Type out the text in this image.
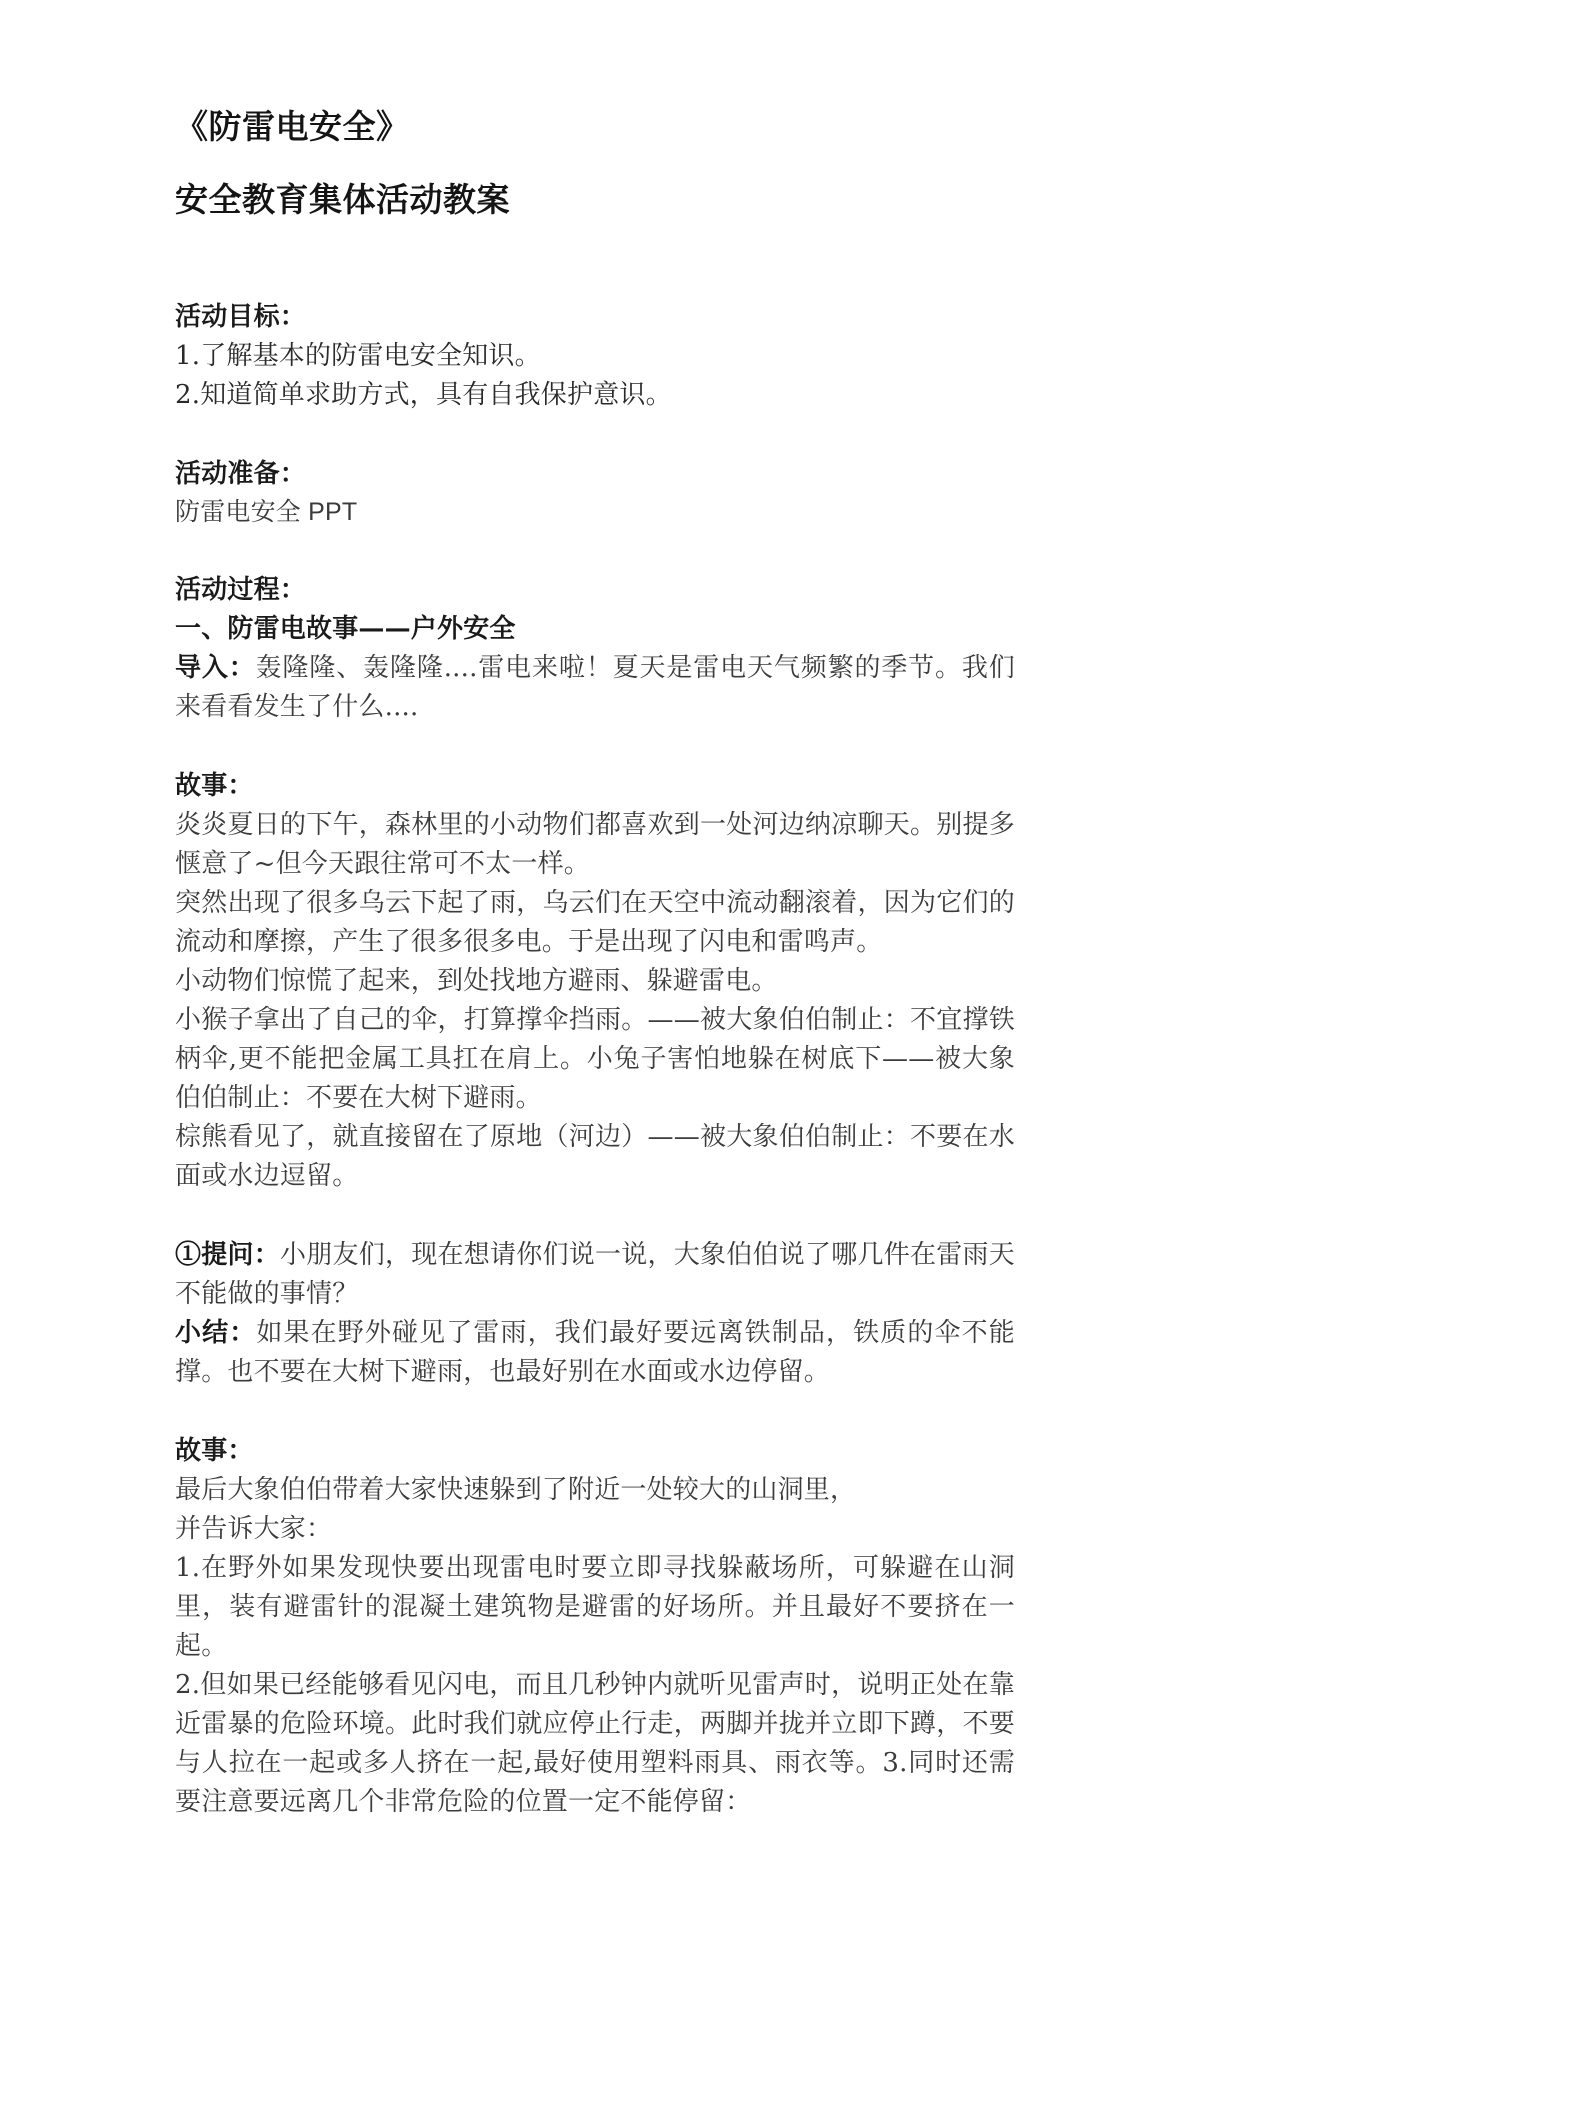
《防雷电安全》
安全教育集体活动教案

活动目标：

1.了解基本的防雷电安全知识。

2.知道简单求助方式，具有自我保护意识。

活动准备：

防雷电安全 PPT

活动过程：

一、防雷电故事——户外安全

导入：轰隆隆、轰隆隆....雷电来啦！夏天是雷电天气频繁的季节。我们来看看发生了什么....

故事：

炎炎夏日的下午，森林里的小动物们都喜欢到一处河边纳凉聊天。别提多惬意了~但今天跟往常可不太一样。

突然出现了很多乌云下起了雨，乌云们在天空中流动翻滚着，因为它们的流动和摩擦，产生了很多很多电。于是出现了闪电和雷鸣声。

小动物们惊慌了起来，到处找地方避雨、躲避雷电。

小猴子拿出了自己的伞，打算撑伞挡雨。——被大象伯伯制止：不宜撑铁柄伞,更不能把金属工具扛在肩上。小兔子害怕地躲在树底下——被大象伯伯制止：不要在大树下避雨。

棕熊看见了，就直接留在了原地（河边）——被大象伯伯制止：不要在水面或水边逗留。

①提问：小朋友们，现在想请你们说一说，大象伯伯说了哪几件在雷雨天不能做的事情？

小结：如果在野外碰见了雷雨，我们最好要远离铁制品，铁质的伞不能撑。也不要在大树下避雨，也最好别在水面或水边停留。

故事：

最后大象伯伯带着大家快速躲到了附近一处较大的山洞里，

并告诉大家：

1.在野外如果发现快要出现雷电时要立即寻找躲蔽场所，可躲避在山洞里，装有避雷针的混凝土建筑物是避雷的好场所。并且最好不要挤在一起。

2.但如果已经能够看见闪电，而且几秒钟内就听见雷声时，说明正处在靠近雷暴的危险环境。此时我们就应停止行走，两脚并拢并立即下蹲，不要与人拉在一起或多人挤在一起,最好使用塑料雨具、雨衣等。3.同时还需要注意要远离几个非常危险的位置一定不能停留：
